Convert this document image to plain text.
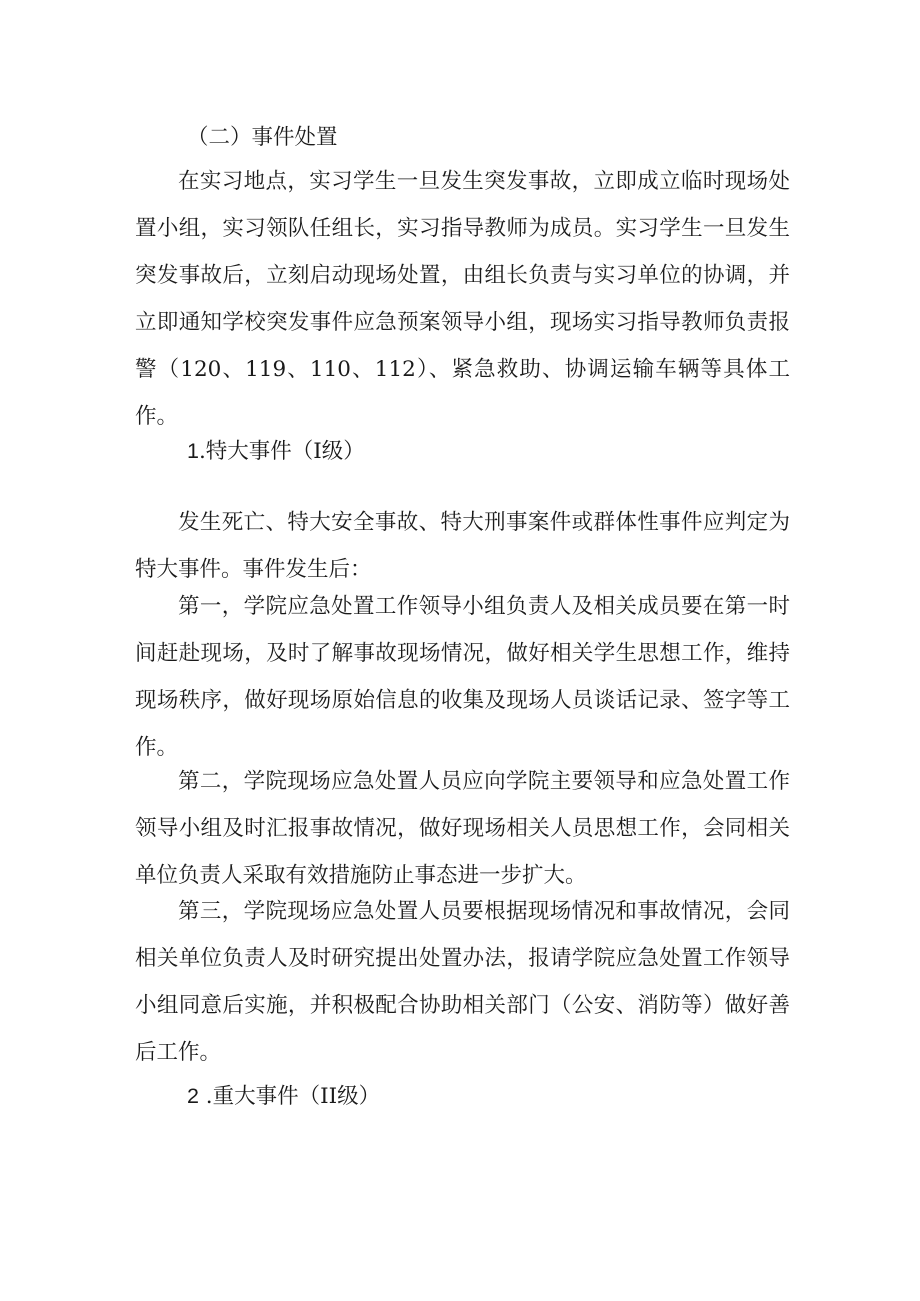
（二）事件处置

在实习地点，实习学生一旦发生突发事故，立即成立临时现场处置小组，实习领队任组长，实习指导教师为成员。实习学生一旦发生突发事故后，立刻启动现场处置，由组长负责与实习单位的协调，并立即通知学校突发事件应急预案领导小组，现场实习指导教师负责报警（120、119、110、112）、紧急救助、协调运输车辆等具体工作。

1.特大事件（I级）

发生死亡、特大安全事故、特大刑事案件或群体性事件应判定为特大事件。事件发生后：

第一，学院应急处置工作领导小组负责人及相关成员要在第一时间赶赴现场，及时了解事故现场情况，做好相关学生思想工作，维持现场秩序，做好现场原始信息的收集及现场人员谈话记录、签字等工作。

第二，学院现场应急处置人员应向学院主要领导和应急处置工作领导小组及时汇报事故情况，做好现场相关人员思想工作，会同相关单位负责人采取有效措施防止事态进一步扩大。

第三，学院现场应急处置人员要根据现场情况和事故情况，会同相关单位负责人及时研究提出处置办法，报请学院应急处置工作领导小组同意后实施，并积极配合协助相关部门（公安、消防等）做好善后工作。

2 .重大事件（II级）
